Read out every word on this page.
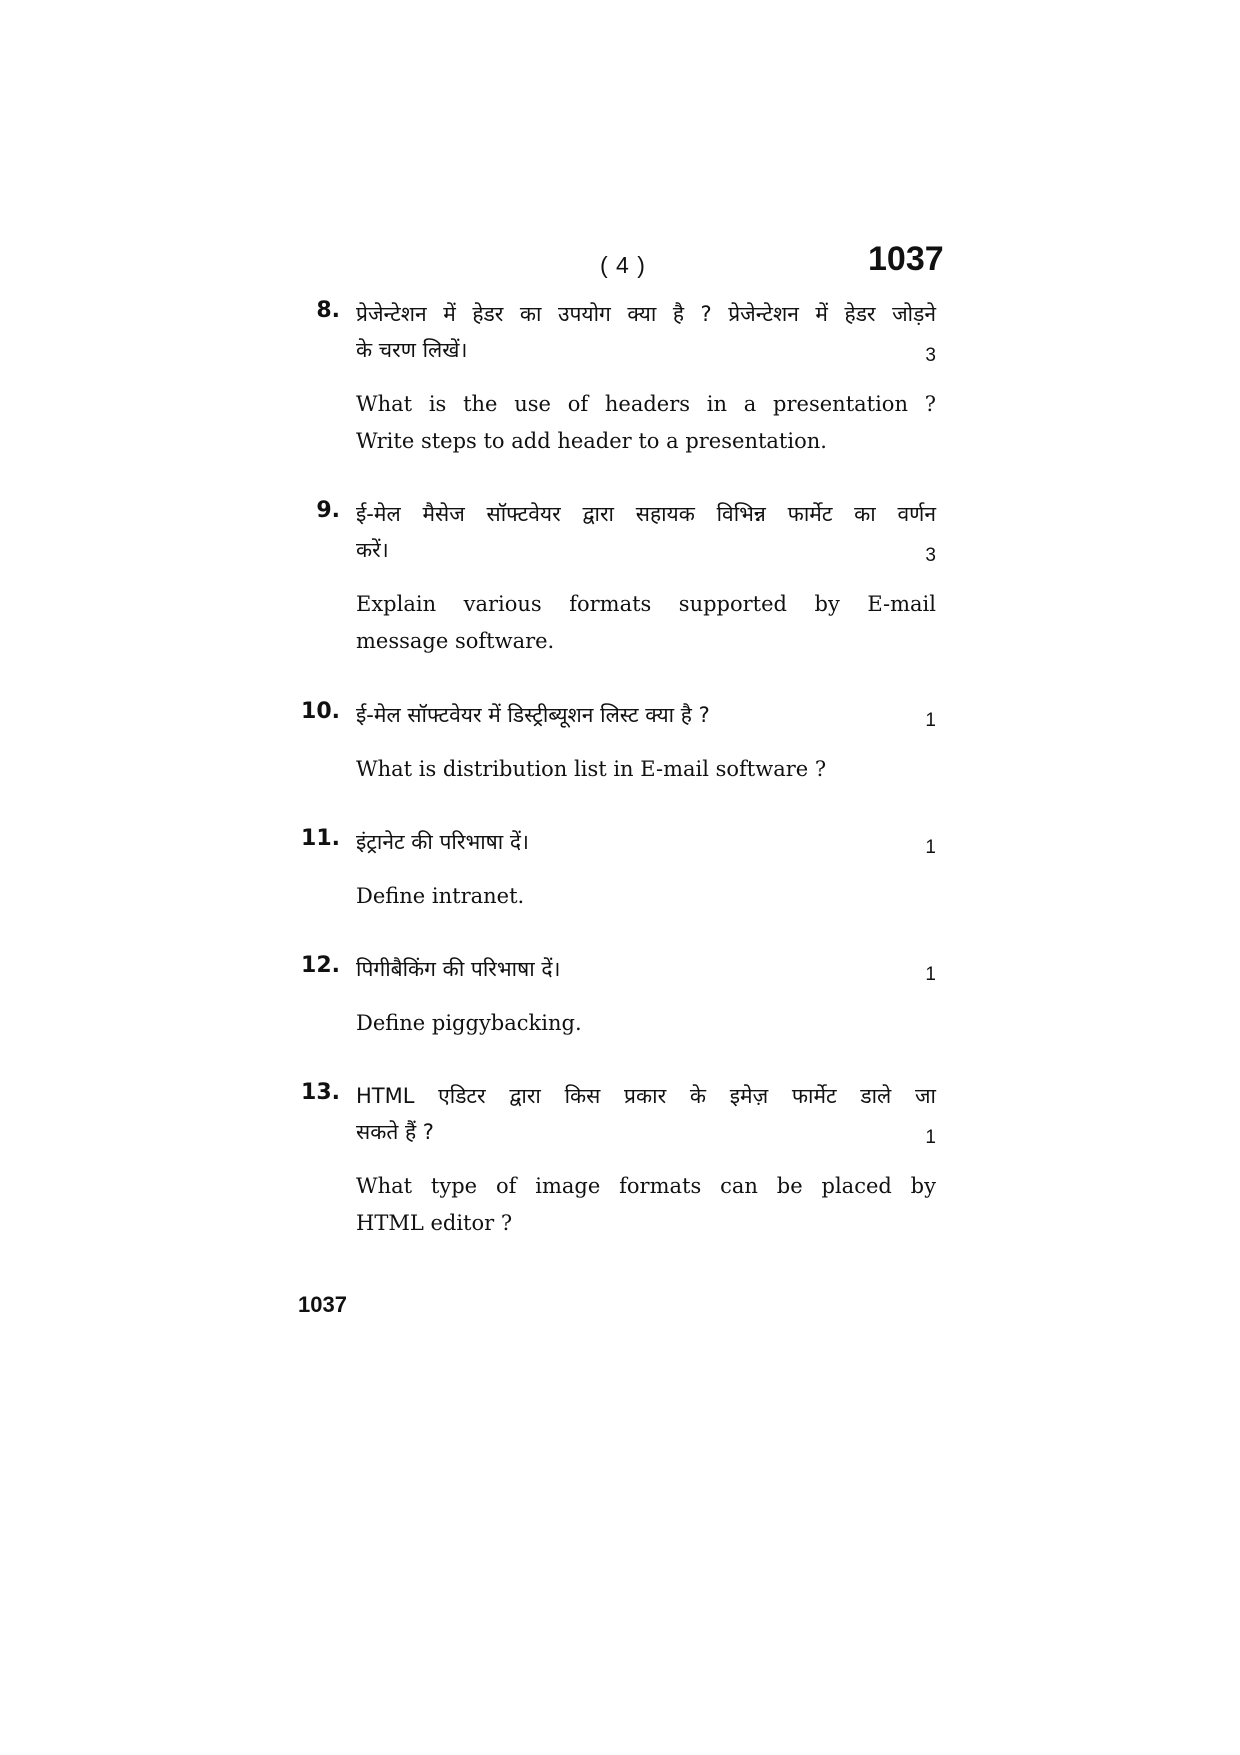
( 4 )	1037
8. प्रेजेन्टेशन में हेडर का उपयोग क्या है ? प्रेजेन्टेशन में हेडर जोड़ने
के चरण लिखें।	3
What is the use of headers in a presentation ?
Write steps to add header to a presentation.
9. ई-मेल मैसेज सॉफ्टवेयर द्वारा सहायक विभिन्न फार्मेट का वर्णन
करें।	3
Explain various formats supported by E-mail
message software.
10. ई-मेल सॉफ्टवेयर में डिस्ट्रीब्यूशन लिस्ट क्या है ?	1
What is distribution list in E-mail software ?
11. इंट्रानेट की परिभाषा दें।	1
Define intranet.
12. पिगीबैकिंग की परिभाषा दें।	1
Define piggybacking.
13. HTML एडिटर द्वारा किस प्रकार के इमेज़ फार्मेट डाले जा
सकते हैं ?	1
What type of image formats can be placed by
HTML editor ?
1037
